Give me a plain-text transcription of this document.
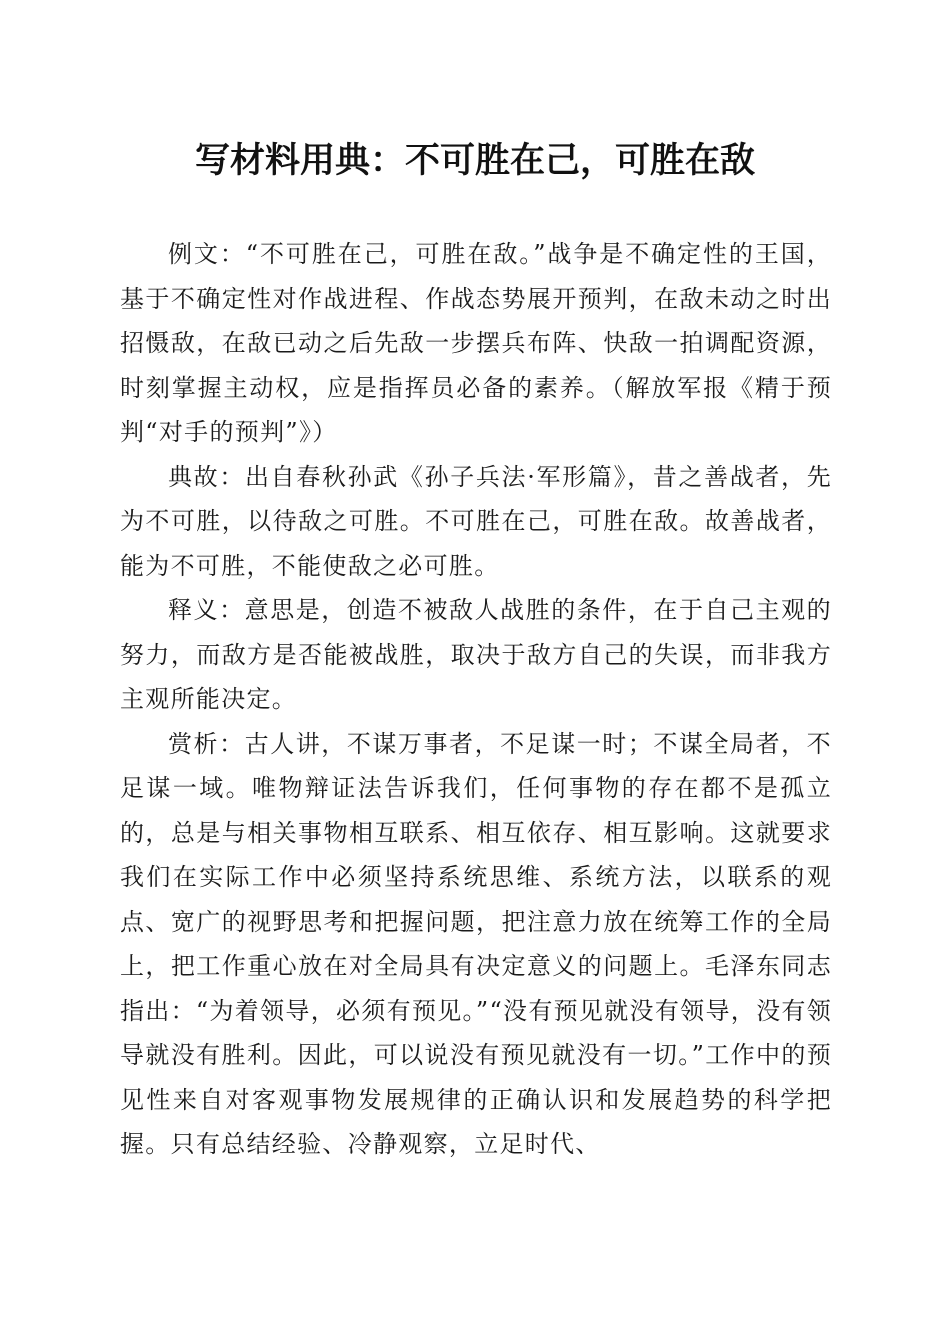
写材料用典：不可胜在己，可胜在敌

例文：“不可胜在己，可胜在敌。”战争是不确定性的王国，基于不确定性对作战进程、作战态势展开预判，在敌未动之时出招慑敌，在敌已动之后先敌一步摆兵布阵、快敌一拍调配资源，时刻掌握主动权，应是指挥员必备的素养。（解放军报《精于预判“对手的预判”》）

典故：出自春秋孙武《孙子兵法·军形篇》，昔之善战者，先为不可胜，以待敌之可胜。不可胜在己，可胜在敌。故善战者，能为不可胜，不能使敌之必可胜。

释义：意思是，创造不被敌人战胜的条件，在于自己主观的努力，而敌方是否能被战胜，取决于敌方自己的失误，而非我方主观所能决定。

赏析：古人讲，不谋万事者，不足谋一时；不谋全局者，不足谋一域。唯物辩证法告诉我们，任何事物的存在都不是孤立的，总是与相关事物相互联系、相互依存、相互影响。这就要求我们在实际工作中必须坚持系统思维、系统方法，以联系的观点、宽广的视野思考和把握问题，把注意力放在统筹工作的全局上，把工作重心放在对全局具有决定意义的问题上。毛泽东同志指出：“为着领导，必须有预见。”“没有预见就没有领导，没有领导就没有胜利。因此，可以说没有预见就没有一切。”工作中的预见性来自对客观事物发展规律的正确认识和发展趋势的科学把握。只有总结经验、冷静观察，立足时代、
